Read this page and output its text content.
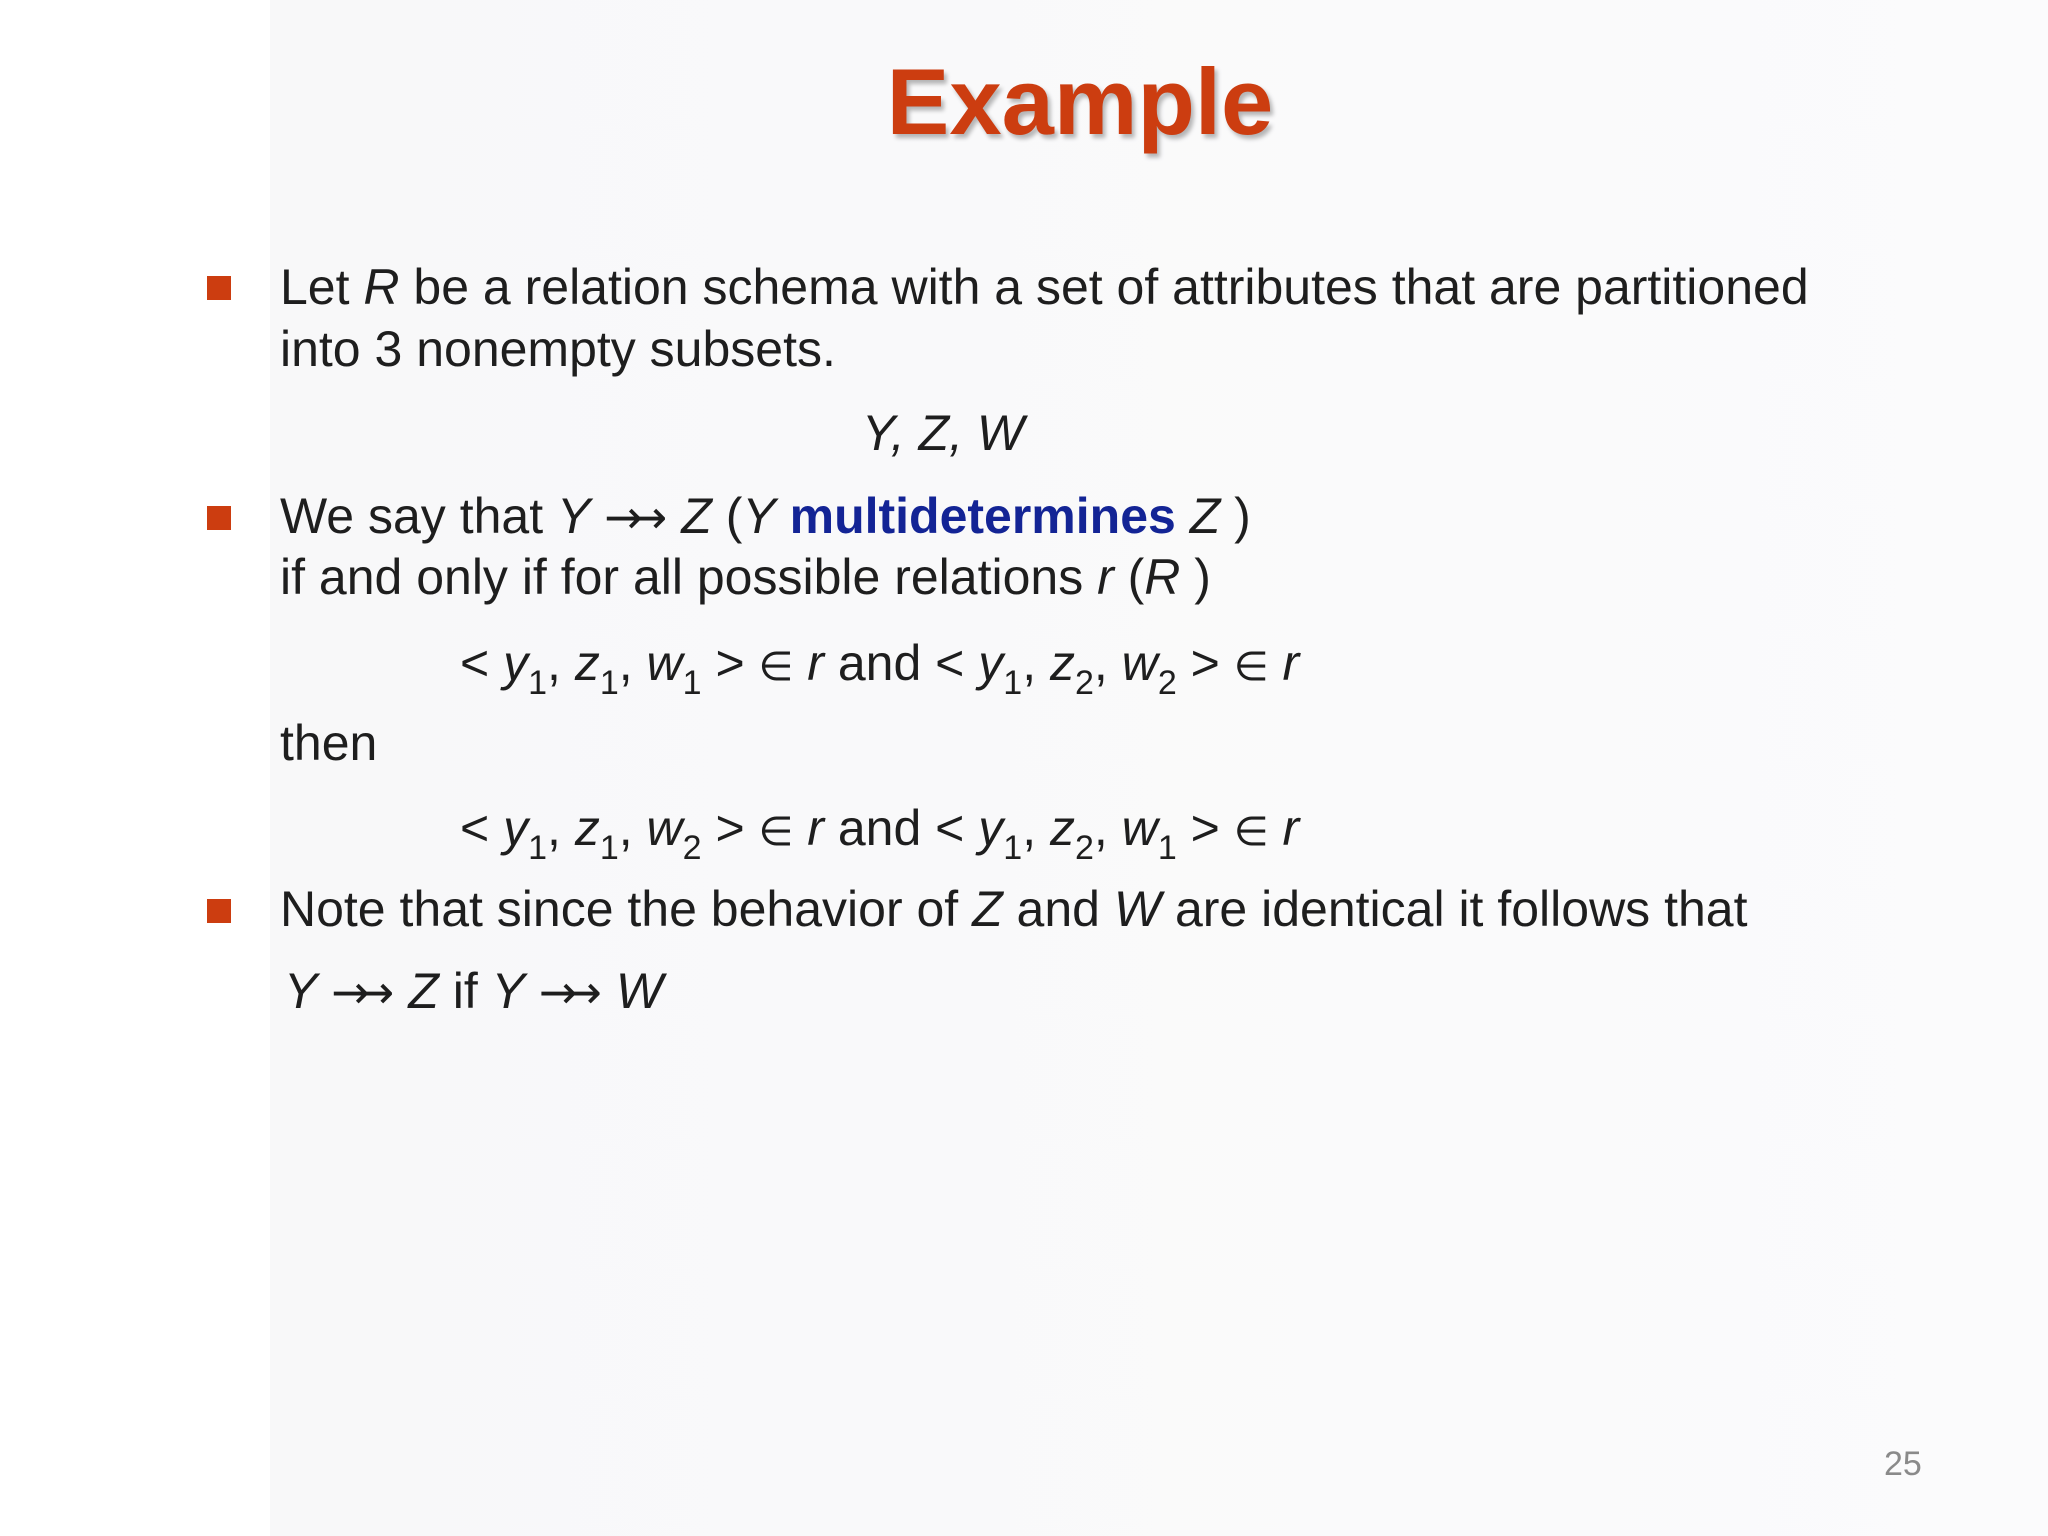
Example
Let R be a relation schema with a set of attributes that are partitioned
into 3 nonempty subsets.
Y, Z, W
We say that Y →→ Z (Y multidetermines Z )
if and only if for all possible relations r (R )
< $y_1$, $z_1$, $w_1$ > ∈ r and < $y_1$, $z_2$, $w_2$ > ∈ r
then
< $y_1$, $z_1$, $w_2$ > ∈ r and < $y_1$, $z_2$, $w_1$ > ∈ r
Note that since the behavior of Z and W are identical it follows that
Y →→ Z if Y →→ W
25
